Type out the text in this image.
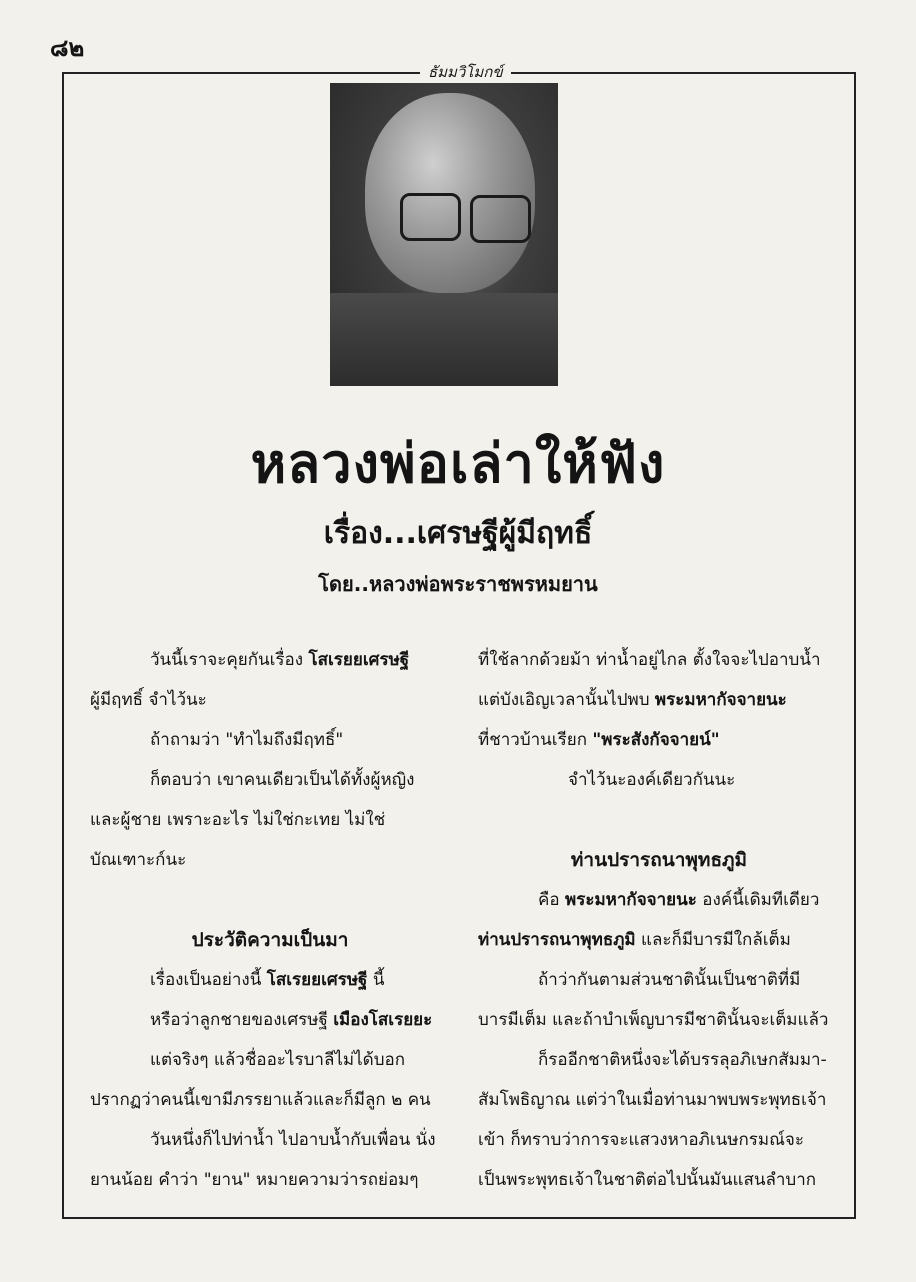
๘๒
ธัมมวิโมกข์
หลวงพ่อเล่าให้ฟัง
เรื่อง...เศรษฐีผู้มีฤทธิ์
โดย..หลวงพ่อพระราชพรหมยาน

วันนี้เราจะคุยกันเรื่อง โสเรยยเศรษฐี

ผู้มีฤทธิ์ จำไว้นะ

ถ้าถามว่า "ทำไมถึงมีฤทธิ์"

ก็ตอบว่า เขาคนเดียวเป็นได้ทั้งผู้หญิง

และผู้ชาย เพราะอะไร ไม่ใช่กะเทย ไม่ใช่

บัณเฑาะก์นะ

ประวัติความเป็นมา

เรื่องเป็นอย่างนี้ โสเรยยเศรษฐี นี้

หรือว่าลูกชายของเศรษฐี เมืองโสเรยยะ

แต่จริงๆ แล้วชื่ออะไรบาลีไม่ได้บอก

ปรากฏว่าคนนี้เขามีภรรยาแล้วและก็มีลูก ๒ คน

วันหนึ่งก็ไปท่าน้ำ ไปอาบน้ำกับเพื่อน นั่ง

ยานน้อย คำว่า "ยาน" หมายความว่ารถย่อมๆ

ที่ใช้ลากด้วยม้า ท่าน้ำอยู่ไกล ตั้งใจจะไปอาบน้ำ

แต่บังเอิญเวลานั้นไปพบ พระมหากัจจายนะ

ที่ชาวบ้านเรียก "พระสังกัจจายน์"

จำไว้นะองค์เดียวกันนะ

ท่านปรารถนาพุทธภูมิ

คือ พระมหากัจจายนะ องค์นี้เดิมทีเดียว

ท่านปรารถนาพุทธภูมิ และก็มีบารมีใกล้เต็ม

ถ้าว่ากันตามส่วนชาตินั้นเป็นชาติที่มี

บารมีเต็ม และถ้าบำเพ็ญบารมีชาตินั้นจะเต็มแล้ว

ก็รออีกชาติหนึ่งจะได้บรรลุอภิเษกสัมมา-

สัมโพธิญาณ แต่ว่าในเมื่อท่านมาพบพระพุทธเจ้า

เข้า ก็ทราบว่าการจะแสวงหาอภิเนษกรมณ์จะ

เป็นพระพุทธเจ้าในชาติต่อไปนั้นมันแสนลำบาก
